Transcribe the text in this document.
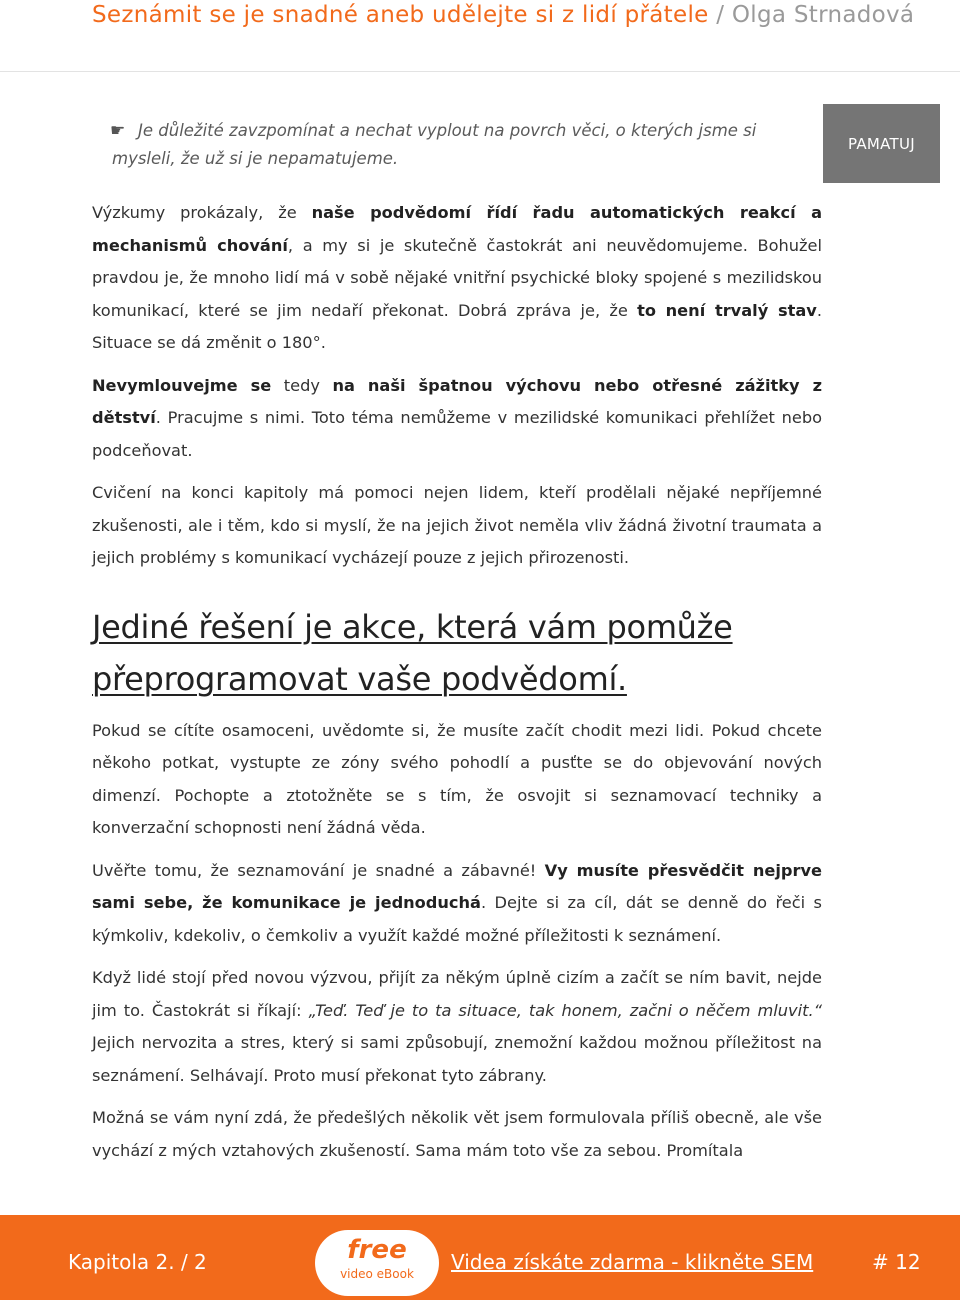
Seznámit se je snadné aneb udělejte si z lidí přátele / Olga Strnadová
☛ Je důležité zavzpomínat a nechat vyplout na povrch věci, o kterých jsme si mysleli, že už si je nepamatujeme.
PAMATUJ

Výzkumy prokázaly, že naše podvědomí řídí řadu automatických reakcí a mechanismů chování, a my si je skutečně častokrát ani neuvědomujeme. Bohužel pravdou je, že mnoho lidí má v sobě nějaké vnitřní psychické bloky spojené s mezilidskou komunikací, které se jim nedaří překonat. Dobrá zpráva je, že to není trvalý stav. Situace se dá změnit o 180°.

Nevymlouvejme se tedy na naši špatnou výchovu nebo otřesné zážitky z dětství. Pracujme s nimi. Toto téma nemůžeme v mezilidské komunikaci přehlížet nebo podceňovat.

Cvičení na konci kapitoly má pomoci nejen lidem, kteří prodělali nějaké nepříjemné zkušenosti, ale i těm, kdo si myslí, že na jejich život neměla vliv žádná životní traumata a jejich problémy s komunikací vycházejí pouze z jejich přirozenosti.

Jediné řešení je akce, která vám pomůže přeprogramovat vaše podvědomí.

Pokud se cítíte osamoceni, uvědomte si, že musíte začít chodit mezi lidi. Pokud chcete někoho potkat, vystupte ze zóny svého pohodlí a pusťte se do objevování nových dimenzí. Pochopte a ztotožněte se s tím, že osvojit si seznamovací techniky a konverzační schopnosti není žádná věda.

Uvěřte tomu, že seznamování je snadné a zábavné! Vy musíte přesvědčit nejprve sami sebe, že komunikace je jednoduchá. Dejte si za cíl, dát se denně do řeči s kýmkoliv, kdekoliv, o čemkoliv a využít každé možné příležitosti k seznámení.

Když lidé stojí před novou výzvou, přijít za někým úplně cizím a začít se ním bavit, nejde jim to. Častokrát si říkají: „Teď. Teď je to ta situace, tak honem, začni o něčem mluvit.“ Jejich nervozita a stres, který si sami způsobují, znemožní každou možnou příležitost na seznámení. Selhávají. Proto musí překonat tyto zábrany.

Možná se vám nyní zdá, že předešlých několik vět jsem formulovala příliš obecně, ale vše vychází z mých vztahových zkušeností. Sama mám toto vše za sebou. Promítala

Kapitola 2. / 2	free
video eBook	Videa získáte zdarma - klikněte SEM	# 12
